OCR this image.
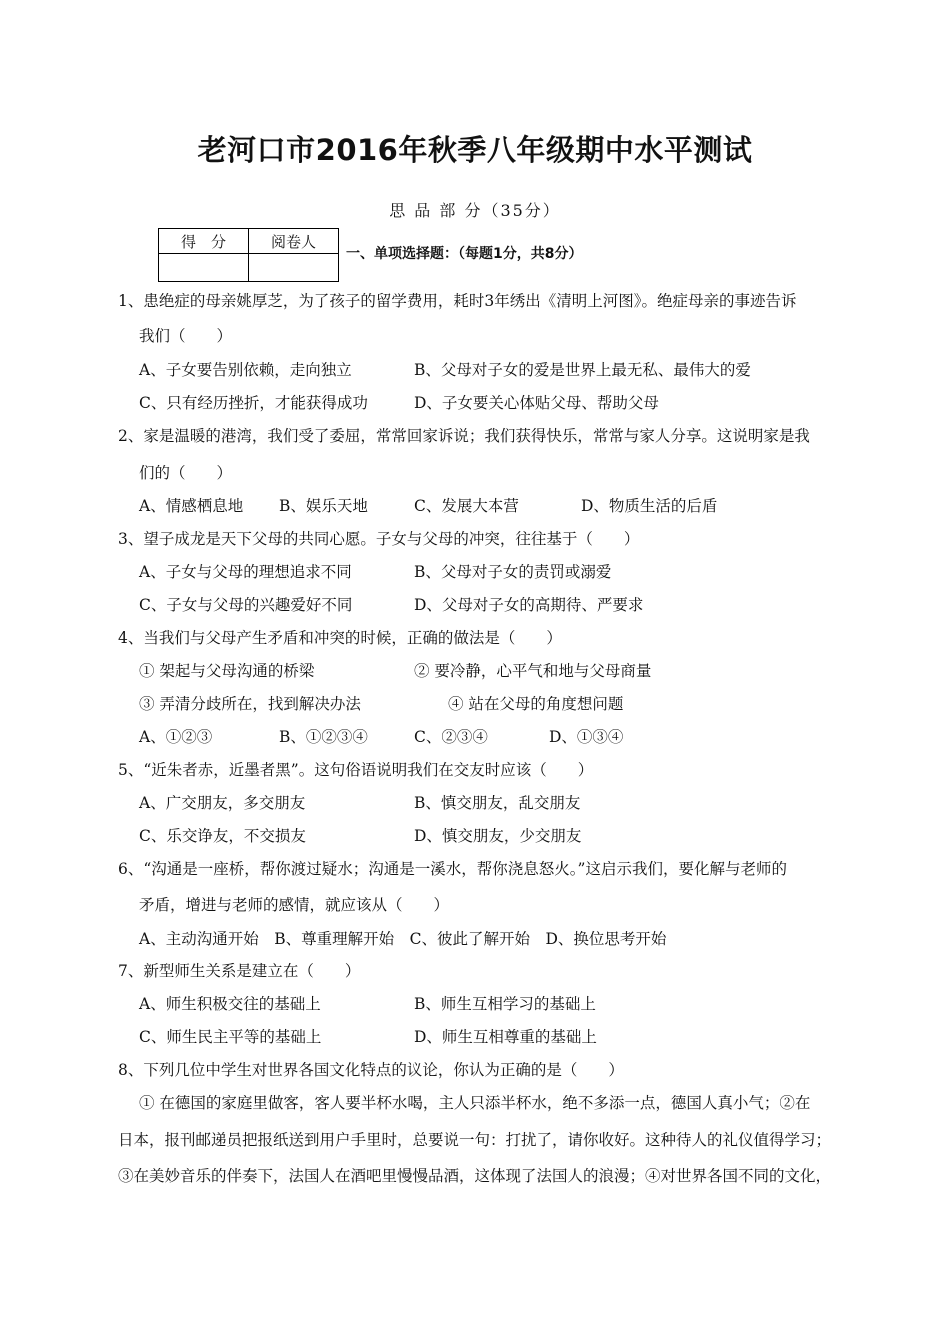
老河口市2016年秋季八年级期中水平测试
思 品 部 分（35分）
得　分	阅卷人

一、单项选择题：（每题1分，共8分）
1、患绝症的母亲姚厚芝，为了孩子的留学费用，耗时3年绣出《清明上河图》。绝症母亲的事迹告诉
我们（　　）
A、子女要告别依赖，走向独立	B、父母对子女的爱是世界上最无私、最伟大的爱
C、只有经历挫折，才能获得成功	D、子女要关心体贴父母、帮助父母
2、家是温暖的港湾，我们受了委屈，常常回家诉说；我们获得快乐，常常与家人分享。这说明家是我
们的（　　）
A、情感栖息地 B、娱乐天地	C、发展大本营	D、物质生活的后盾
3、望子成龙是天下父母的共同心愿。子女与父母的冲突，往往基于（　　）
A、子女与父母的理想追求不同	B、父母对子女的责罚或溺爱
C、子女与父母的兴趣爱好不同	D、父母对子女的高期待、严要求
4、当我们与父母产生矛盾和冲突的时候，正确的做法是（　　）
① 架起与父母沟通的桥梁	② 要冷静，心平气和地与父母商量
③ 弄清分歧所在，找到解决办法	④ 站在父母的角度想问题
A、①②③	B、①②③④	C、②③④	D、①③④
5、“近朱者赤，近墨者黑”。这句俗语说明我们在交友时应该（　　）
A、广交朋友，多交朋友	B、慎交朋友，乱交朋友
C、乐交诤友，不交损友	D、慎交朋友，少交朋友
6、“沟通是一座桥，帮你渡过疑水；沟通是一溪水，帮你浇息怒火。”这启示我们，要化解与老师的
矛盾，增进与老师的感情，就应该从（　　）
A、主动沟通开始　B、尊重理解开始　C、彼此了解开始　D、换位思考开始
7、新型师生关系是建立在（　　）
A、师生积极交往的基础上	B、师生互相学习的基础上
C、师生民主平等的基础上	D、师生互相尊重的基础上
8、下列几位中学生对世界各国文化特点的议论，你认为正确的是（　　）
① 在德国的家庭里做客，客人要半杯水喝，主人只添半杯水，绝不多添一点，德国人真小气；②在
日本，报刊邮递员把报纸送到用户手里时，总要说一句：打扰了，请你收好。这种待人的礼仪值得学习；
③在美妙音乐的伴奏下，法国人在酒吧里慢慢品酒，这体现了法国人的浪漫；④对世界各国不同的文化，
